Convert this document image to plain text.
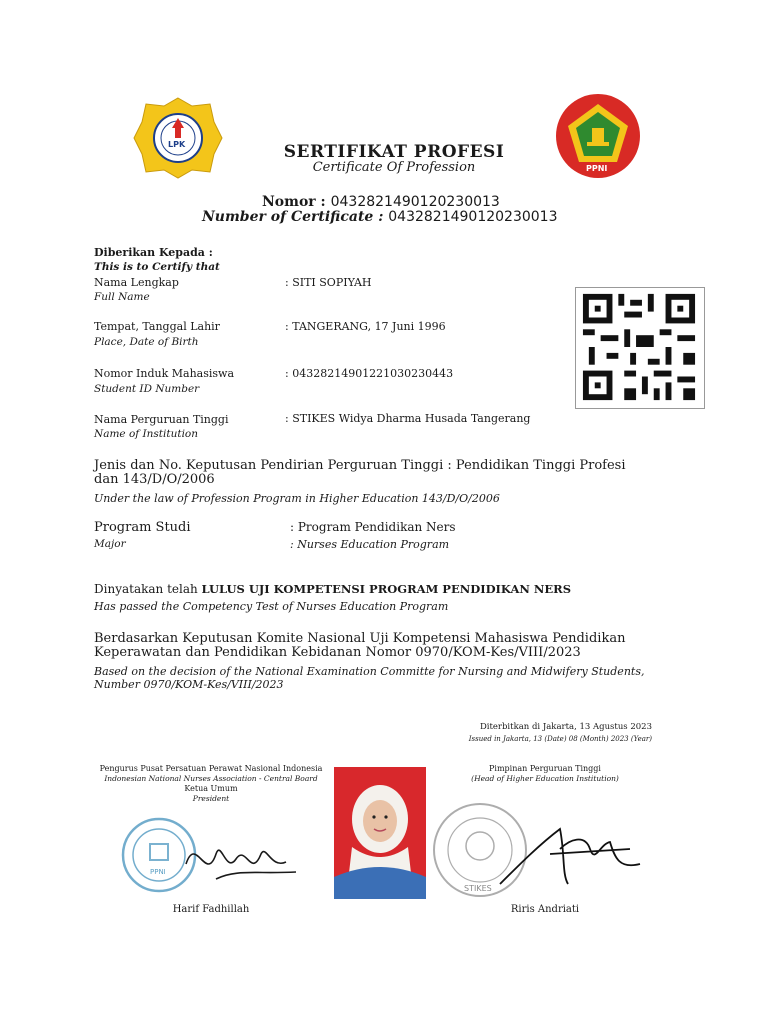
LPK
PPNI

SERTIFIKAT PROFESI

Certificate Of Profession

Nomor : 0432821490120230013

Number of Certificate : 0432821490120230013

Diberikan Kepada :

This is to Certify that

Nama Lengkap

Full Name

: SITI SOPIYAH

Tempat, Tanggal Lahir

Place, Date of Birth

: TANGERANG, 17 Juni 1996

Nomor Induk Mahasiswa

Student ID Number

: 0432821490122103023044​3

Nama Perguruan Tinggi

Name of Institution

: STIKES Widya Dharma Husada Tangerang

Jenis dan No. Keputusan Pendirian Perguruan Tinggi : Pendidikan Tinggi Profesi dan 143/D/O/2006

Under the law of Profession Program in Higher Education 143/D/O/2006

Program Studi

Major

: Program Pendidikan Ners

: Nurses Education Program

Dinyatakan telah LULUS UJI KOMPETENSI PROGRAM PENDIDIKAN NERS

Has passed the Competency Test of Nurses Education Program

Berdasarkan Keputusan Komite Nasional Uji Kompetensi Mahasiswa Pendidikan Keperawatan dan Pendidikan Kebidanan Nomor 0970/KOM-Kes/VIII/2023

Based on the decision of the National Examination Committe for Nursing and Midwifery Students, Number 0970/KOM-Kes/VIII/2023

Diterbitkan di Jakarta, 13 Agustus 2023

Issued in Jakarta, 13 (Date) 08 (Month) 2023 (Year)

Pengurus Pusat Persatuan Perawat Nasional Indonesia

Indonesian National Nurses Association - Central Board

Ketua Umum

President

PPNI

Harif Fadhillah

Pimpinan Perguruan Tinggi

(Head of Higher Education Institution)

STIKES

Riris Andriati
